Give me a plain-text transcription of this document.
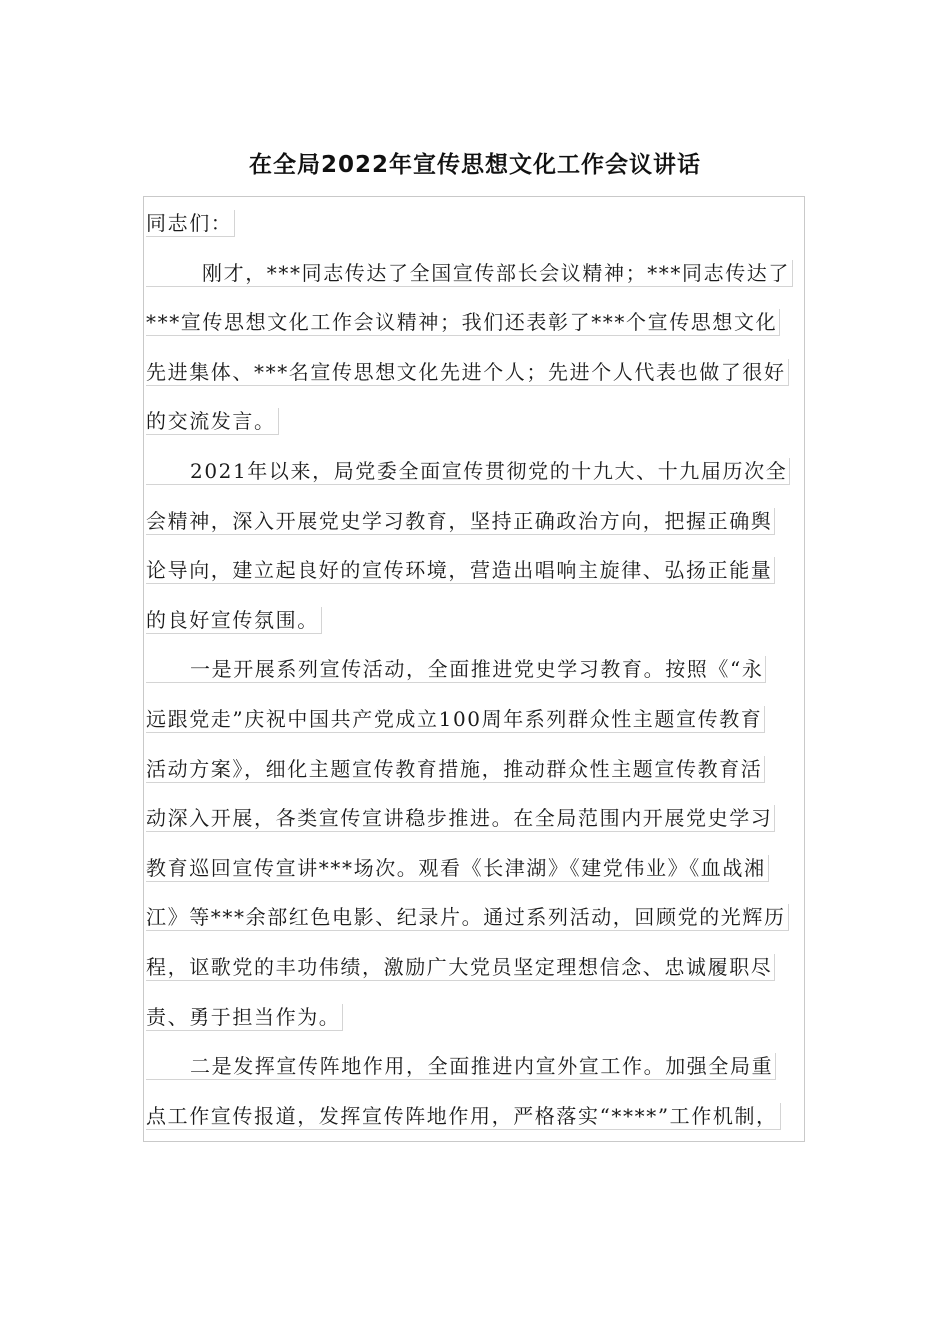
在全局2022年宣传思想文化工作会议讲话
同志们：
刚才，***同志传达了全国宣传部长会议精神；***同志传达了
***宣传思想文化工作会议精神；我们还表彰了***个宣传思想文化
先进集体、***名宣传思想文化先进个人；先进个人代表也做了很好
的交流发言。
2021年以来，局党委全面宣传贯彻党的十九大、十九届历次全
会精神，深入开展党史学习教育，坚持正确政治方向，把握正确舆
论导向，建立起良好的宣传环境，营造出唱响主旋律、弘扬正能量
的良好宣传氛围。
一是开展系列宣传活动，全面推进党史学习教育。按照《“永
远跟党走”庆祝中国共产党成立100周年系列群众性主题宣传教育
活动方案》，细化主题宣传教育措施，推动群众性主题宣传教育活
动深入开展，各类宣传宣讲稳步推进。在全局范围内开展党史学习
教育巡回宣传宣讲***场次。观看《长津湖》《建党伟业》《血战湘
江》等***余部红色电影、纪录片。通过系列活动，回顾党的光辉历
程，讴歌党的丰功伟绩，激励广大党员坚定理想信念、忠诚履职尽
责、勇于担当作为。
二是发挥宣传阵地作用，全面推进内宣外宣工作。加强全局重
点工作宣传报道，发挥宣传阵地作用，严格落实“****”工作机制，
